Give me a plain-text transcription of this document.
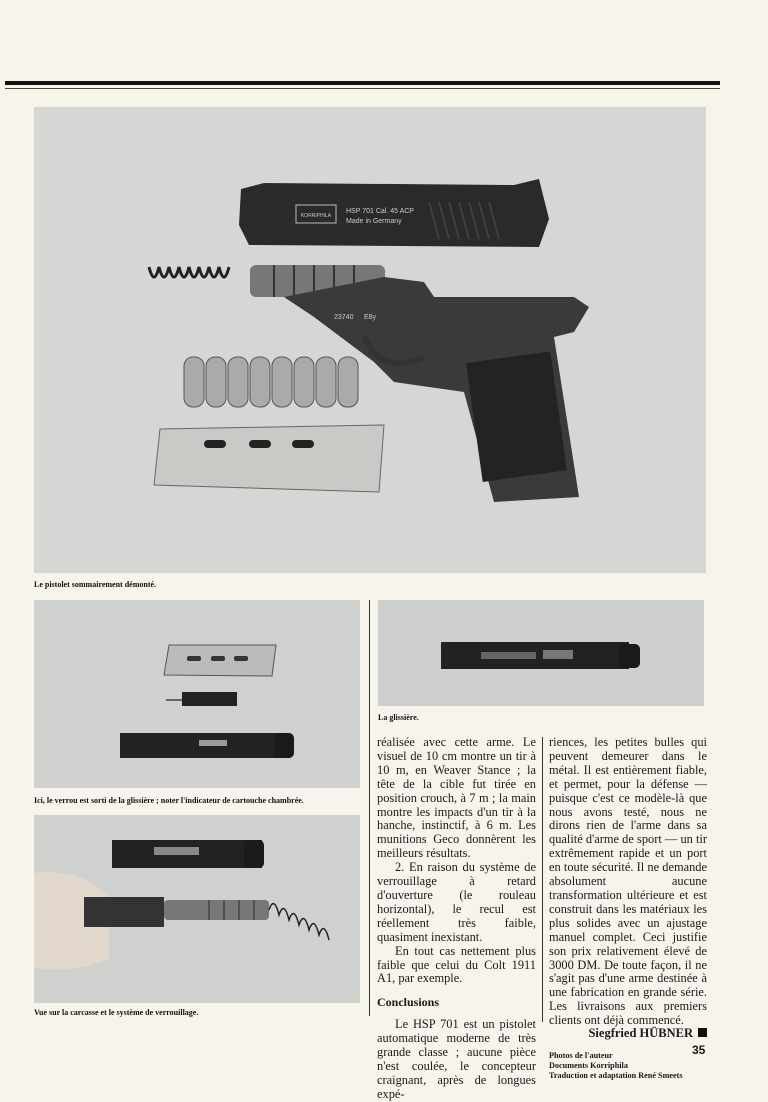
KORRIPHILA
HSP 701 Cal. 45 ACP
Made in Germany
23740 E8y
Le pistolet sommairement démonté.
Ici, le verrou est sorti de la glissière ; noter l'indicateur de cartouche chambrée.
Vue sur la carcasse et le système de verrouillage.
La glissière.

réalisée avec cette arme. Le visuel de 10 cm montre un tir à 10 m, en Weaver Stance ; la tête de la cible fut tirée en position crouch, à 7 m ; la main montre les impacts d'un tir à la hanche, instinctif, à 6 m. Les munitions Geco donnèrent les meilleurs résultats.

2. En raison du système de verrouillage à retard d'ouverture (le rouleau horizontal), le recul est réellement très faible, quasiment inexistant.

En tout cas nettement plus faible que celui du Colt 1911 A1, par exemple.

Conclusions

Le HSP 701 est un pistolet automatique moderne de très grande classe ; aucune pièce n'est coulée, le concepteur craignant, après de longues expé-

riences, les petites bulles qui peuvent demeurer dans le métal. Il est entièrement fiable, et permet, pour la défense — puisque c'est ce modèle-là que nous avons testé, nous ne dirons rien de l'arme dans sa qualité d'arme de sport — un tir extrêmement rapide et un port en toute sécurité. Il ne demande absolument aucune transformation ultérieure et est construit dans les matériaux les plus solides avec un ajustage manuel complet. Ceci justifie son prix relativement élevé de 3000 DM. De toute façon, il ne s'agit pas d'une arme destinée à une fabrication en grande série. Les livraisons aux premiers clients ont déjà commencé.

Siegfried HÜBNER

Photos de l'auteur
Documents Korriphila
Traduction et adaptation René Smeets

35
